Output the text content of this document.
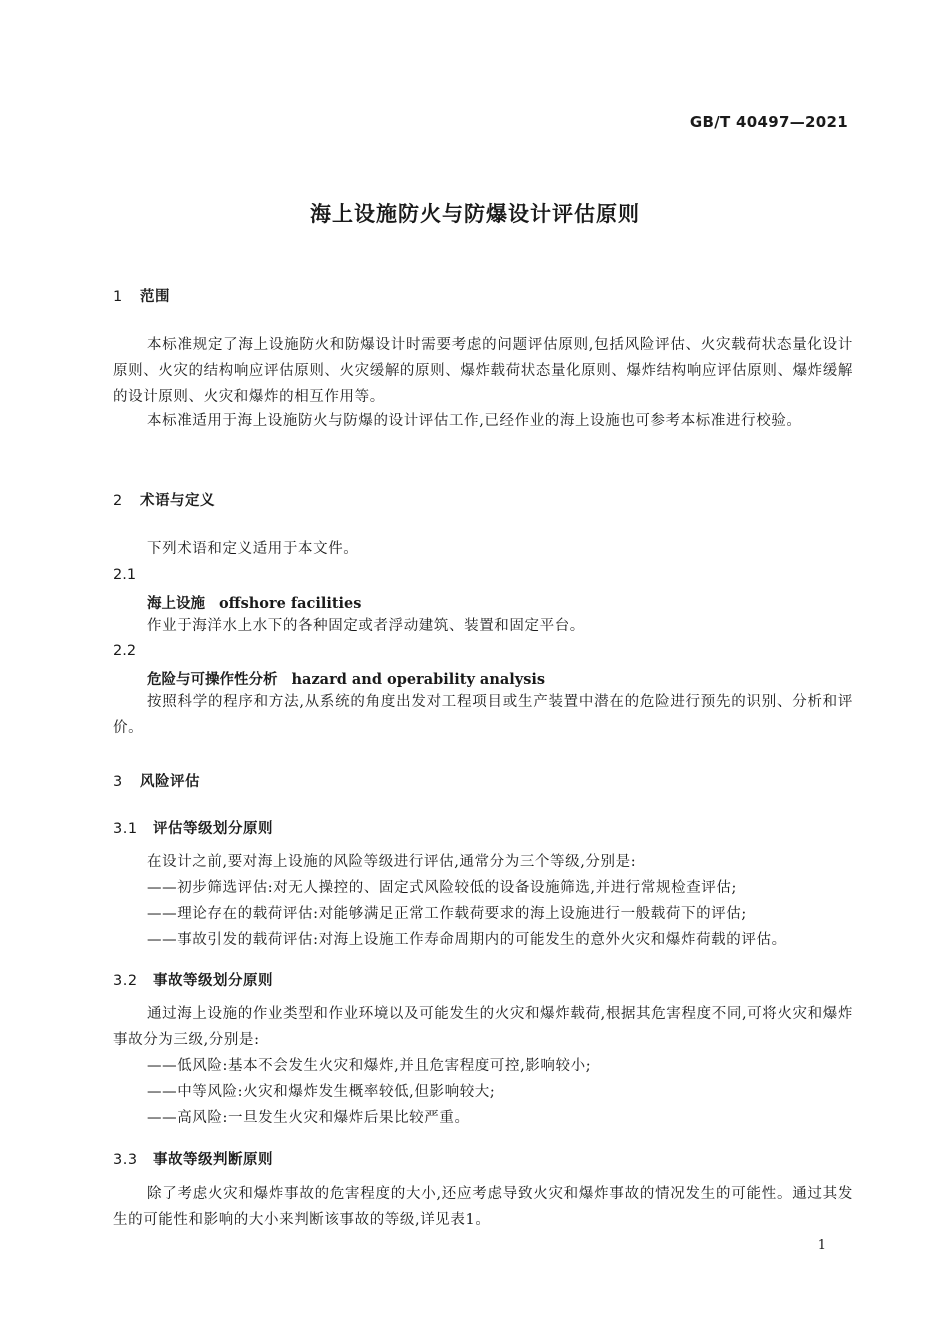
GB/T 40497—2021
海上设施防火与防爆设计评估原则
1 范围

本标准规定了海上设施防火和防爆设计时需要考虑的问题评估原则,包括风险评估、火灾载荷状态量化设计原则、火灾的结构响应评估原则、火灾缓解的原则、爆炸载荷状态量化原则、爆炸结构响应评估原则、爆炸缓解的设计原则、火灾和爆炸的相互作用等。

本标准适用于海上设施防火与防爆的设计评估工作,已经作业的海上设施也可参考本标准进行校验。

2 术语与定义
下列术语和定义适用于本文件。
2.1
海上设施 offshore facilities
作业于海洋水上水下的各种固定或者浮动建筑、装置和固定平台。
2.2
危险与可操作性分析 hazard and operability analysis

按照科学的程序和方法,从系统的角度出发对工程项目或生产装置中潜在的危险进行预先的识别、分析和评价。

3 风险评估
3.1 评估等级划分原则
在设计之前,要对海上设施的风险等级进行评估,通常分为三个等级,分别是:
——初步筛选评估:对无人操控的、固定式风险较低的设备设施筛选,并进行常规检查评估;
——理论存在的载荷评估:对能够满足正常工作载荷要求的海上设施进行一般载荷下的评估;
——事故引发的载荷评估:对海上设施工作寿命周期内的可能发生的意外火灾和爆炸荷载的评估。
3.2 事故等级划分原则

通过海上设施的作业类型和作业环境以及可能发生的火灾和爆炸载荷,根据其危害程度不同,可将火灾和爆炸事故分为三级,分别是:

——低风险:基本不会发生火灾和爆炸,并且危害程度可控,影响较小;
——中等风险:火灾和爆炸发生概率较低,但影响较大;
——高风险:一旦发生火灾和爆炸后果比较严重。
3.3 事故等级判断原则

除了考虑火灾和爆炸事故的危害程度的大小,还应考虑导致火灾和爆炸事故的情况发生的可能性。通过其发生的可能性和影响的大小来判断该事故的等级,详见表1。

1
